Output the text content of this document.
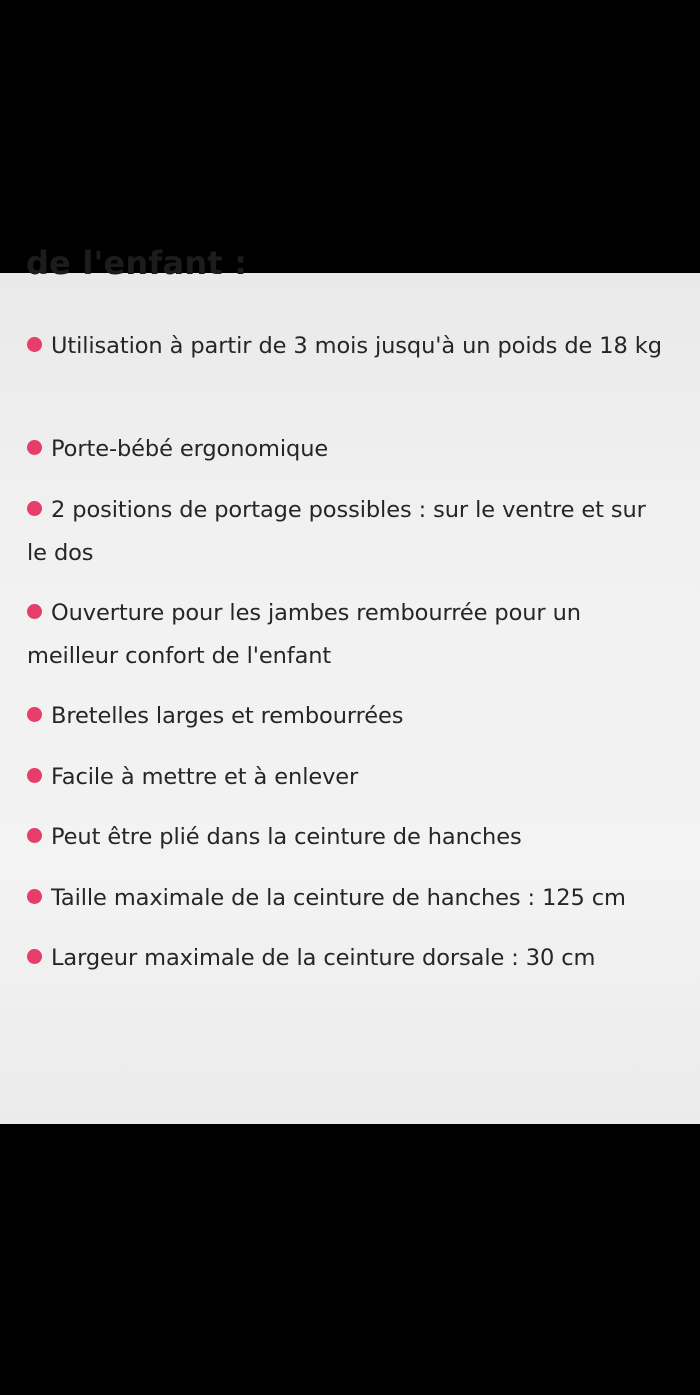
de l'enfant :
Utilisation à partir de 3 mois jusqu'à un poids de 18 kg
Porte-bébé ergonomique
2 positions de portage possibles : sur le ventre et sur le dos
Ouverture pour les jambes rembourrée pour un meilleur confort de l'enfant
Bretelles larges et rembourrées
Facile à mettre et à enlever
Peut être plié dans la ceinture de hanches
Taille maximale de la ceinture de hanches : 125 cm
Largeur maximale de la ceinture dorsale : 30 cm
